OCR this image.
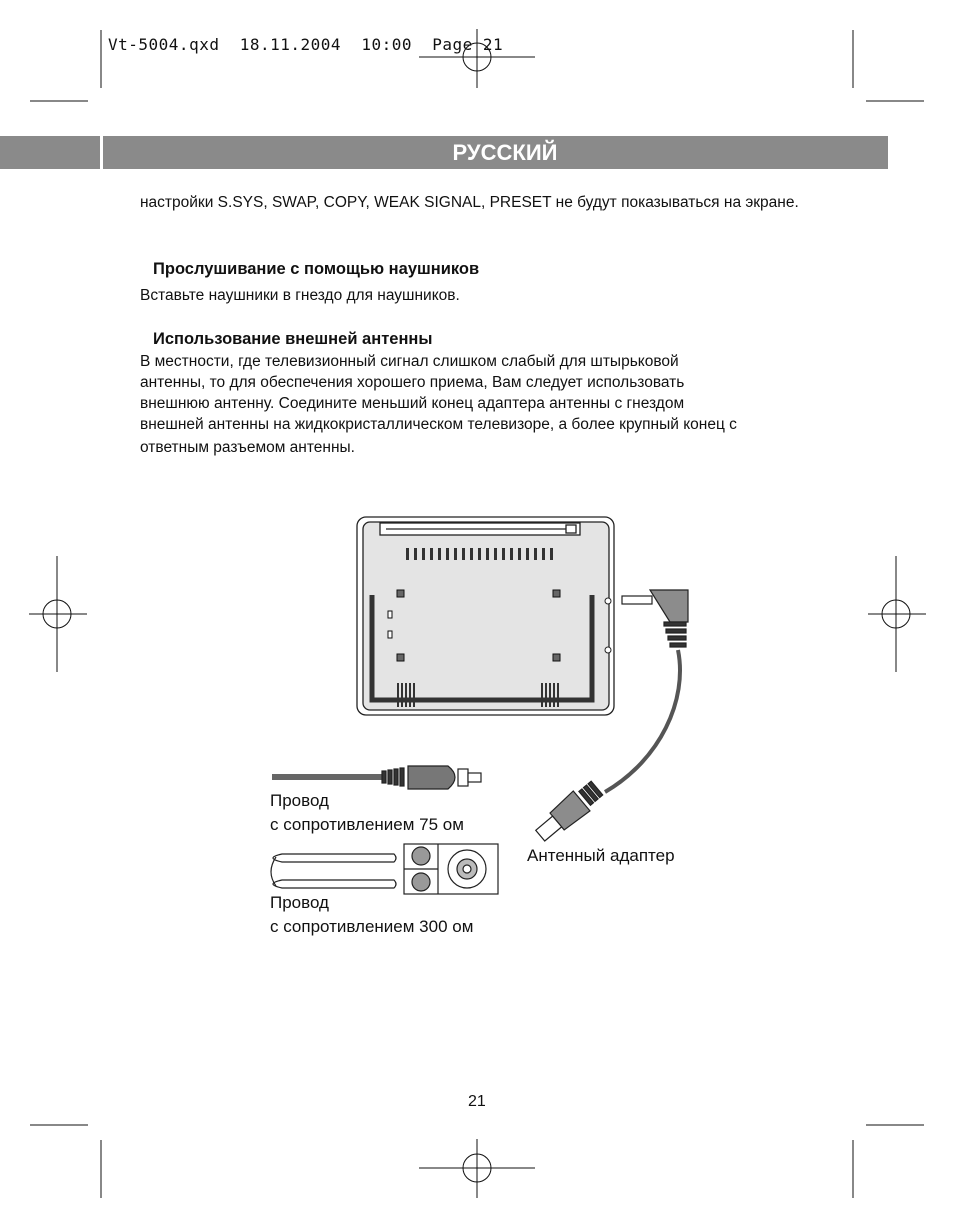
Vt-5004.qxd  18.11.2004  10:00  Page 21
РУССКИЙ
настройки S.SYS, SWAP, COPY, WEAK SIGNAL, PRESET не будут показываться на экране.
Прослушивание с помощью наушников
Вставьте наушники в гнездо для наушников.
Использование внешней антенны
В местности, где телевизионный сигнал слишком слабый для штырьковой
антенны, то для обеспечения хорошего приема, Вам следует использовать
внешнюю антенну. Соедините меньший конец адаптера антенны с гнездом
внешней антенны на жидкокристаллическом телевизоре, а более крупный конец с
ответным разъемом антенны.
Провод
с сопротивлением 75 ом
Провод
с сопротивлением 300 ом
Антенный адаптер
21
